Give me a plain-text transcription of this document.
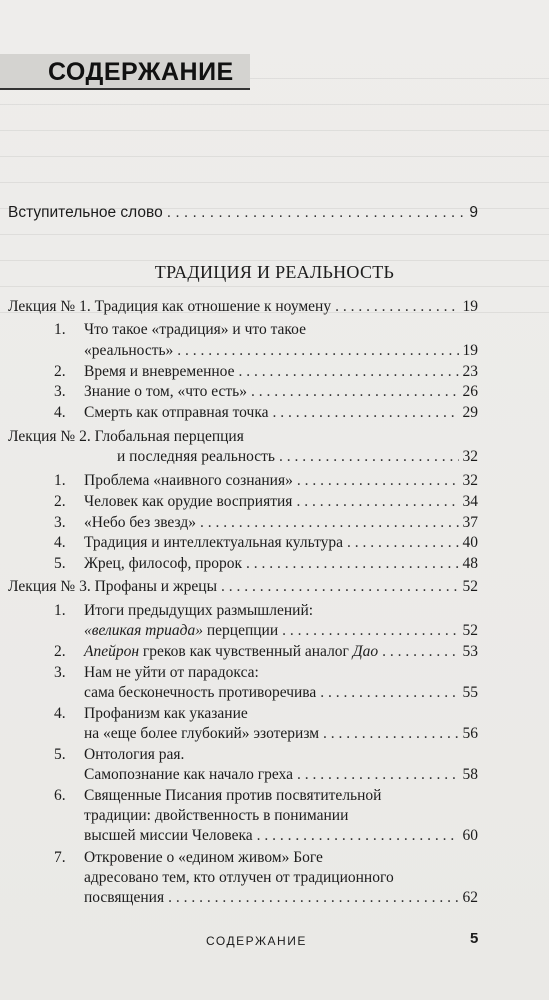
СОДЕРЖАНИЕ
Вступительное слово . . .	9
ТРАДИЦИЯ И РЕАЛЬНОСТЬ
Лекция № 1. Традиция как отношение к ноумену . . .	19
1. Что такое «традиция» и что такое
«реальность» . . .	19
2. Время и вневременное . . .	23
3. Знание о том, «что есть» . . .	26
4. Смерть как отправная точка . . .	29
Лекция № 2. Глобальная перцепция
и последняя реальность . . .	32
1. Проблема «наивного сознания» . . .	32
2. Человек как орудие восприятия . . .	34
3. «Небо без звезд» . . .	37
4. Традиция и интеллектуальная культура . . .	40
5. Жрец, философ, пророк . . .	48
Лекция № 3. Профаны и жрецы . . .	52
1. Итоги предыдущих размышлений:
«великая триада» перцепции . . .	52
2. Апейрон греков как чувственный аналог Дао . . .	53
3. Нам не уйти от парадокса:
сама бесконечность противоречива . . .	55
4. Профанизм как указание
на «еще более глубокий» эзотеризм . . .	56
5. Онтология рая.
Самопознание как начало греха . . .	58
6. Священные Писания против посвятительной
традиции: двойственность в понимании
высшей миссии Человека . . .	60
7. Откровение о «едином живом» Боге
адресовано тем, кто отлучен от традиционного
посвящения . . .	62
СОДЕРЖАНИЕ	5
